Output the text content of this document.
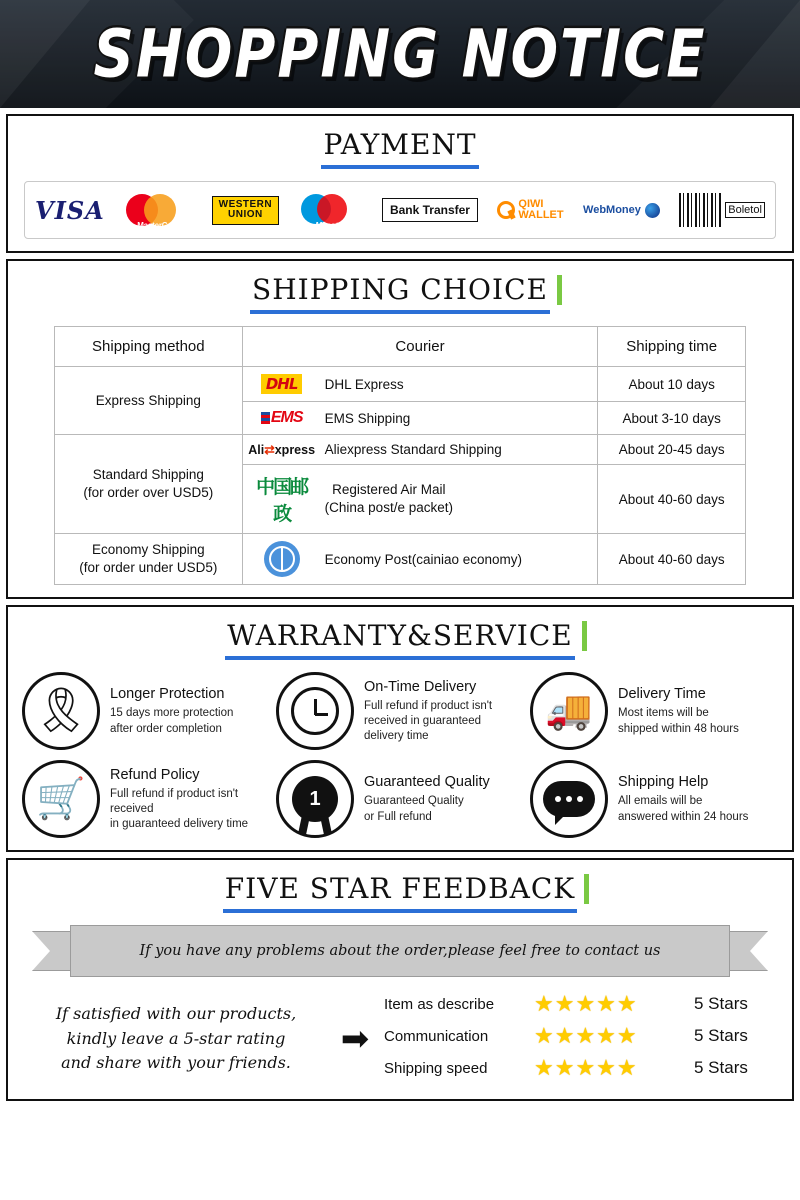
SHOPPING NOTICE
PAYMENT
VISA
MasterCard
WESTERN
UNION
Maestro
Bank Transfer	QIWI
WALLET WebMoney	Boletol
SHIPPING CHOICE
Shipping method	Courier	Shipping time
Express Shipping	DHL DHL Express	About 10 days

	EMS EMS Shipping	About 3-10 days

Standard Shipping
(for order over USD5)

Ali⇄xpress Aliexpress Standard Shipping	About 20-45 days

	中国邮政
Registered Air Mail
(China post/e packet)	About 40-60 days

Economy Shipping
(for order under USD5)	Economy Post(cainiao economy)	About 40-60 days
WARRANTY&SERVICE
🎗 Longer Protection
15 days more protection
after order completion
On-Time Delivery
Full refund if product isn't
received in guaranteed
delivery time
🚚 Delivery Time
Most items will be
shipped within 48 hours
🛒
Refund Policy
Full refund if product isn't received
in guaranteed delivery time
1
Guaranteed Quality
Guaranteed Quality
or Full refund
Shipping Help
All emails will be
answered within 24 hours
FIVE STAR FEEDBACK
If you have any problems about the order,please feel free to contact us
If satisfied with our products,
kindly leave a 5-star rating
and share with your friends.
➡
Item as describe	★★★★★	5 Stars
Communication	★★★★★	5 Stars
Shipping speed	★★★★★	5 Stars
